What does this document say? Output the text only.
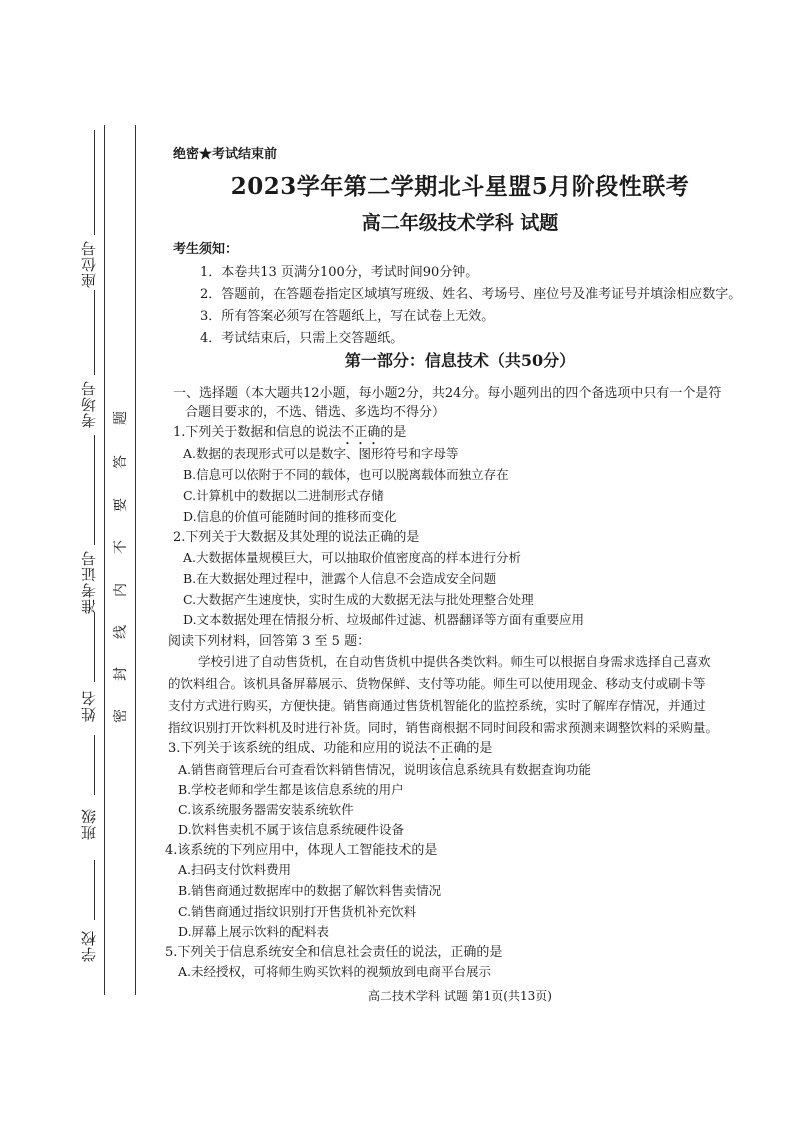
座位号
考场号
准考证号
姓名
班级
学校
题
答
要
不
内
线
封
密
绝密★考试结束前
2023学年第二学期北斗星盟5月阶段性联考
高二年级技术学科 试题
考生须知：
1．本卷共13 页满分100分，考试时间90分钟。
2．答题前，在答题卷指定区域填写班级、姓名、考场号、座位号及准考证号并填涂相应数字。
3．所有答案必须写在答题纸上，写在试卷上无效。
4．考试结束后，只需上交答题纸。
第一部分：信息技术（共50分）
一、选择题（本大题共12小题，每小题2分，共24分。每小题列出的四个备选项中只有一个是符
合题目要求的，不选、错选、多选均不得分）
1.下列关于数据和信息的说法不正确的是
A.数据的表现形式可以是数字、图形符号和字母等
B.信息可以依附于不同的载体，也可以脱离载体而独立存在
C.计算机中的数据以二进制形式存储
D.信息的价值可能随时间的推移而变化
2.下列关于大数据及其处理的说法正确的是
A.大数据体量规模巨大，可以抽取价值密度高的样本进行分析
B.在大数据处理过程中，泄露个人信息不会造成安全问题
C.大数据产生速度快，实时生成的大数据无法与批处理整合处理
D.文本数据处理在情报分析、垃圾邮件过滤、机器翻译等方面有重要应用
阅读下列材料，回答第 3 至 5 题：
学校引进了自动售货机，在自动售货机中提供各类饮料。师生可以根据自身需求选择自己喜欢
的饮料组合。该机具备屏幕展示、货物保鲜、支付等功能。师生可以使用现金、移动支付或刷卡等
支付方式进行购买，方便快捷。销售商通过售货机智能化的监控系统，实时了解库存情况，并通过
指纹识别打开饮料机及时进行补货。同时，销售商根据不同时间段和需求预测来调整饮料的采购量。
3.下列关于该系统的组成、功能和应用的说法不正确的是
A.销售商管理后台可查看饮料销售情况，说明该信息系统具有数据查询功能
B.学校老师和学生都是该信息系统的用户
C.该系统服务器需安装系统软件
D.饮料售卖机不属于该信息系统硬件设备
4.该系统的下列应用中，体现人工智能技术的是
A.扫码支付饮料费用
B.销售商通过数据库中的数据了解饮料售卖情况
C.销售商通过指纹识别打开售货机补充饮料
D.屏幕上展示饮料的配料表
5.下列关于信息系统安全和信息社会责任的说法，正确的是
A.未经授权，可将师生购买饮料的视频放到电商平台展示
高二技术学科 试题 第1页(共13页)
